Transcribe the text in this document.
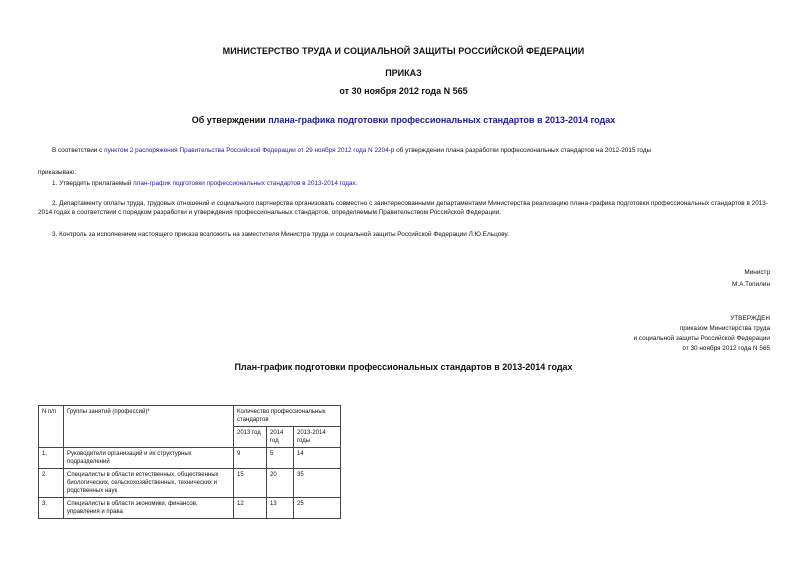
МИНИСТЕРСТВО ТРУДА И СОЦИАЛЬНОЙ ЗАЩИТЫ РОССИЙСКОЙ ФЕДЕРАЦИИ
ПРИКАЗ
от 30 ноября 2012 года N 565
Об утверждении плана-графика подготовки профессиональных стандартов в 2013-2014 годах
В соответствии с пунктом 2 распоряжения Правительства Российской Федерации от 29 ноября 2012 года N 2204-р об утверждении плана разработки профессиональных стандартов на 2012-2015 годы
приказываю:
1. Утвердить прилагаемый план-график подготовки профессиональных стандартов в 2013-2014 годах.
2. Департаменту оплаты труда, трудовых отношений и социального партнерства организовать совместно с заинтересованными департаментами Министерства реализацию плана-графика подготовки профессиональных стандартов в 2013-2014 годах в соответствии с порядком разработки и утверждения профессиональных стандартов, определяемым Правительством Российской Федерации.
3. Контроль за исполнением настоящего приказа возложить на заместителя Министра труда и социальной защиты Российской Федерации Л.Ю.Ельцову.
Министр
М.А.Топилин
УТВЕРЖДЕН
приказом Министерства труда
и социальной защиты Российской Федерации
от 30 ноября 2012 года N 565
План-график подготовки профессиональных стандартов в 2013-2014 годах
N п/п	Группы занятий (профессий)*	Количество профессиональных стандартов		
		2013 год	2014 год	2013-2014 годы
1.	Руководители организаций и их структурных подразделений	9	5	14
2.	Специалисты в области естественных, общественных биологических, сельскохозяйственных, технических и родственных наук	15	20	35
3.	Специалисты в области экономики, финансов, управления и права	12	13	25
